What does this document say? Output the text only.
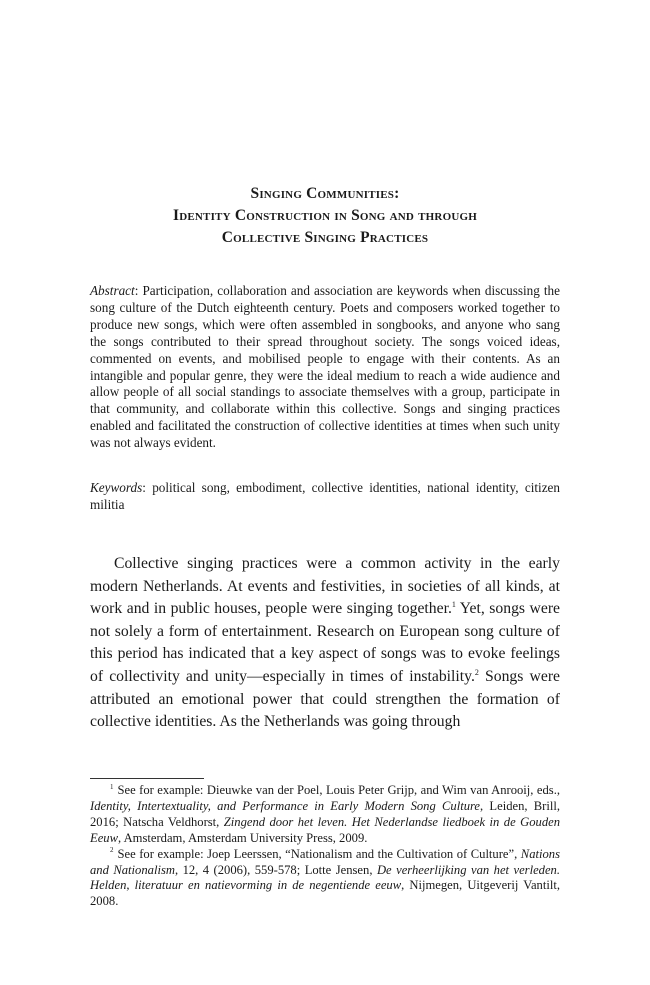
Singing Communities:
Identity Construction in Song and through
Collective Singing Practices

Abstract: Participation, collaboration and association are keywords when discussing the song culture of the Dutch eighteenth century. Poets and composers worked together to produce new songs, which were often assembled in songbooks, and anyone who sang the songs contributed to their spread throughout society. The songs voiced ideas, commented on events, and mobilised people to engage with their contents. As an intangible and popular genre, they were the ideal medium to reach a wide audience and allow people of all social standings to associate themselves with a group, participate in that community, and collaborate within this collective. Songs and singing practices enabled and facilitated the construction of collective identities at times when such unity was not always evident.

Keywords: political song, embodiment, collective identities, national identity, citizen militia

Collective singing practices were a common activity in the early modern Netherlands. At events and festivities, in societies of all kinds, at work and in public houses, people were singing together.$^1$ Yet, songs were not solely a form of entertainment. Research on European song culture of this period has indicated that a key aspect of songs was to evoke feelings of collectivity and unity—especially in times of instability.$^2$ Songs were attributed an emotional power that could strengthen the formation of collective identities. As the Netherlands was going through

$^1$ See for example: Dieuwke van der Poel, Louis Peter Grijp, and Wim van Anrooij, eds., Identity, Intertextuality, and Performance in Early Modern Song Culture, Leiden, Brill, 2016; Natscha Veldhorst, Zingend door het leven. Het Nederlandse liedboek in de Gouden Eeuw, Amsterdam, Amsterdam University Press, 2009.

$^2$ See for example: Joep Leerssen, “Nationalism and the Cultivation of Culture”, Nations and Nationalism, 12, 4 (2006), 559-578; Lotte Jensen, De verheerlijking van het verleden. Helden, literatuur en natievorming in de negentiende eeuw, Nijmegen, Uitgeverij Vantilt, 2008.
